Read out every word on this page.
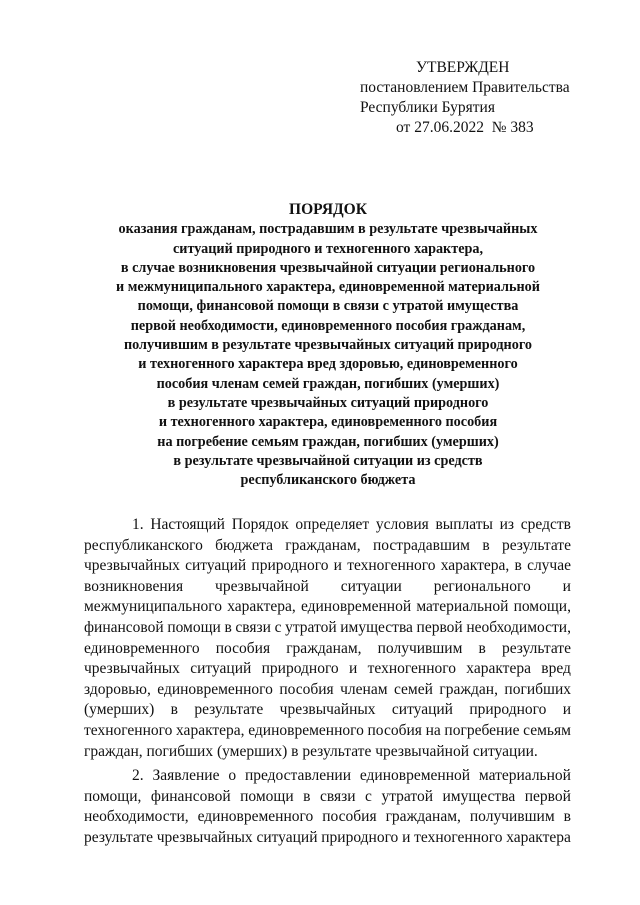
УТВЕРЖДЕН
постановлением Правительства
Республики Бурятия
от 27.06.2022  № 383
ПОРЯДОК
оказания гражданам, пострадавшим в результате чрезвычайных
ситуаций природного и техногенного характера,
в случае возникновения чрезвычайной ситуации регионального
и межмуниципального характера, единовременной материальной
помощи, финансовой помощи в связи с утратой имущества
первой необходимости, единовременного пособия гражданам,
получившим в результате чрезвычайных ситуаций природного
и техногенного характера вред здоровью, единовременного
пособия членам семей граждан, погибших (умерших)
в результате чрезвычайных ситуаций природного
и техногенного характера, единовременного пособия
на погребение семьям граждан, погибших (умерших)
в результате чрезвычайной ситуации из средств
республиканского бюджета
1. Настоящий Порядок определяет условия выплаты из средств
республиканского бюджета гражданам, пострадавшим в результате
чрезвычайных ситуаций природного и техногенного характера, в случае
возникновения чрезвычайной ситуации регионального и
межмуниципального характера, единовременной материальной помощи,
финансовой помощи в связи с утратой имущества первой необходимости,
единовременного пособия гражданам, получившим в результате
чрезвычайных ситуаций природного и техногенного характера вред
здоровью, единовременного пособия членам семей граждан, погибших
(умерших) в результате чрезвычайных ситуаций природного и
техногенного характера, единовременного пособия на погребение семьям
граждан, погибших (умерших) в результате чрезвычайной ситуации.
2. Заявление о предоставлении единовременной материальной
помощи, финансовой помощи в связи с утратой имущества первой
необходимости, единовременного пособия гражданам, получившим в
результате чрезвычайных ситуаций природного и техногенного характера
